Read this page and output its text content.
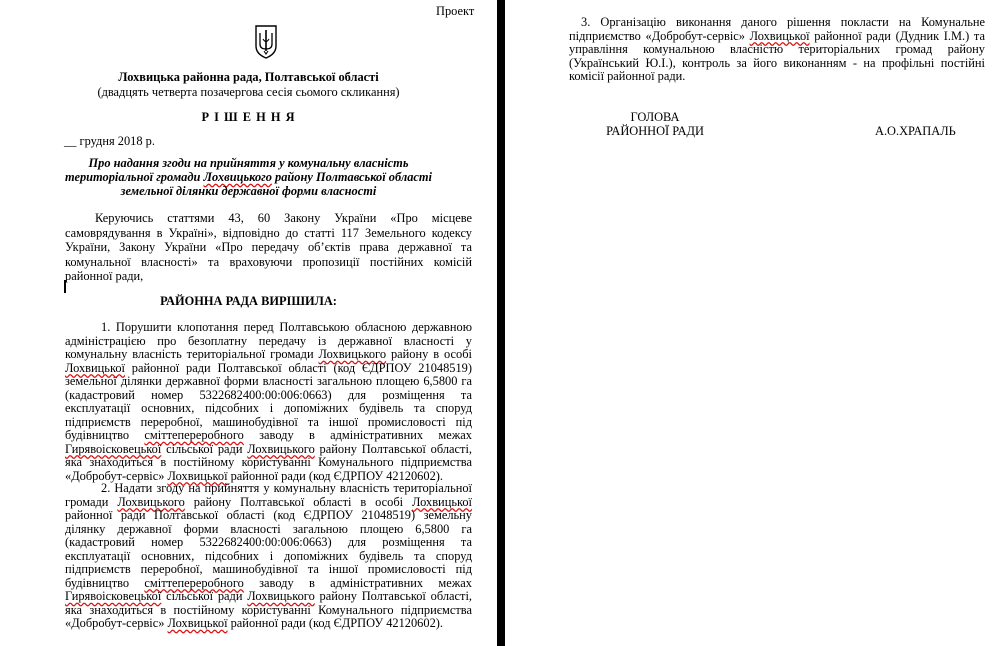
Проект
Лохвицька районна рада, Полтавської області
(двадцять четверта позачергова сесія сьомого скликання)
Р І Ш Е Н Н Я
__ грудня 2018 р.
Про надання згоди на прийняття у комунальну власність
територіальної громади Лохвицького району Полтавської області
земельної ділянки державної форми власності
Керуючись статтями 43, 60 Закону України «Про місцеве самоврядування в Україні», відповідно до статті 117 Земельного кодексу України, Закону України «Про передачу об’єктів права державної та комунальної власності» та враховуючи пропозиції постійних комісій районної ради,
РАЙОННА РАДА ВИРІШИЛА:
1. Порушити клопотання перед Полтавською обласною державною адміністрацією про безоплатну передачу із державної власності у комунальну власність територіальної громади Лохвицького району в особі Лохвицької районної ради Полтавської області (код ЄДРПОУ 21048519) земельної ділянки державної форми власності загальною площею 6,5800 га (кадастровий номер 5322682400:00:006:0663) для розміщення та експлуатації основних, підсобних і допоміжних будівель та споруд підприємств переробної, машинобудівної та іншої промисловості під будівництво сміттепереробного заводу в адміністративних межах Гирявоісковецької сільської ради Лохвицького району Полтавської області, яка знаходиться в постійному користуванні Комунального підприємства «Добробут-сервіс» Лохвицької районної ради (код ЄДРПОУ 42120602).
2. Надати згоду на прийняття у комунальну власність територіальної громади Лохвицького району Полтавської області в особі Лохвицької районної ради Полтавської області (код ЄДРПОУ 21048519) земельну ділянку державної форми власності загальною площею 6,5800 га (кадастровий номер 5322682400:00:006:0663) для розміщення та експлуатації основних, підсобних і допоміжних будівель та споруд підприємств переробної, машинобудівної та іншої промисловості під будівництво сміттепереробного заводу в адміністративних межах Гирявоісковецької сільської ради Лохвицького району Полтавської області, яка знаходиться в постійному користуванні Комунального підприємства «Добробут-сервіс» Лохвицької районної ради (код ЄДРПОУ 42120602).
3. Організацію виконання даного рішення покласти на Комунальне підприємство «Добробут-сервіс» Лохвицької районної ради (Дудник І.М.) та управління комунальною власністю територіальних громад району (Український Ю.І.), контроль за його виконанням - на профільні постійні комісії районної ради.
ГОЛОВА
РАЙОННОЇ РАДИ	А.О.ХРАПАЛЬ
